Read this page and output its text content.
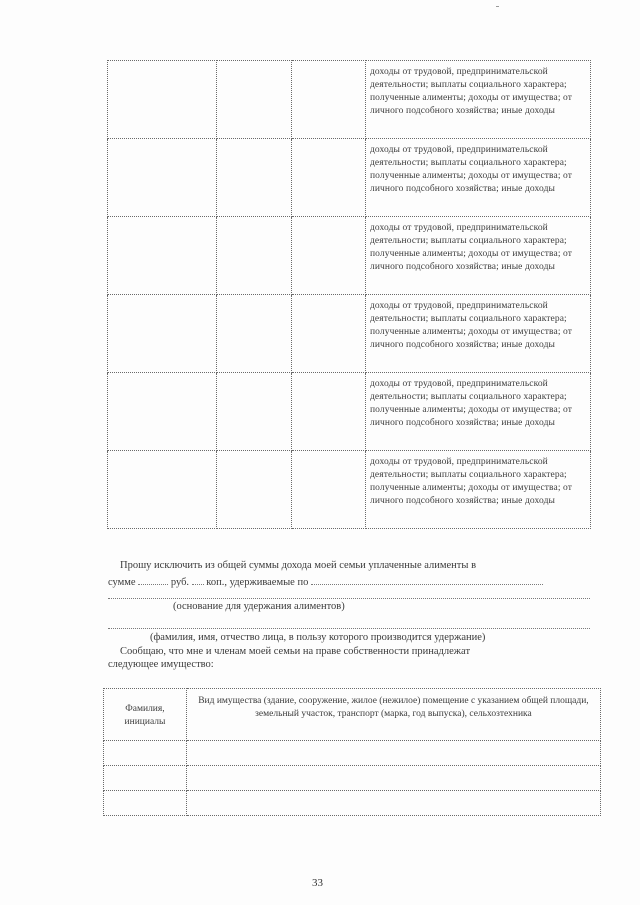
			доходы от трудовой, предпринимательской деятельности; выплаты социального характера; полученные алименты; доходы от имущества; от личного подсобного хозяйства; иные доходы

			доходы от трудовой, предпринимательской деятельности; выплаты социального характера; полученные алименты; доходы от имущества; от личного подсобного хозяйства; иные доходы

			доходы от трудовой, предпринимательской деятельности; выплаты социального характера; полученные алименты; доходы от имущества; от личного подсобного хозяйства; иные доходы

			доходы от трудовой, предпринимательской деятельности; выплаты социального характера; полученные алименты; доходы от имущества; от личного подсобного хозяйства; иные доходы

			доходы от трудовой, предпринимательской деятельности; выплаты социального характера; полученные алименты; доходы от имущества; от личного подсобного хозяйства; иные доходы

			доходы от трудовой, предпринимательской деятельности; выплаты социального характера; полученные алименты; доходы от имущества; от личного подсобного хозяйства; иные доходы
Прошу исключить из общей суммы дохода моей семьи уплаченные алименты в
сумме	руб. коп., удерживаемые по
(основание для удержания алиментов)
(фамилия, имя, отчество лица, в пользу которого производится удержание)
Сообщаю, что мне и членам моей семьи на праве собственности принадлежат
следующее имущество:
Фамилия, инициалы	Вид имущества (здание, сооружение, жилое (нежилое) помещение с указанием общей площади, земельный участок, транспорт (марка, год выпуска), сельхозтехника

33
